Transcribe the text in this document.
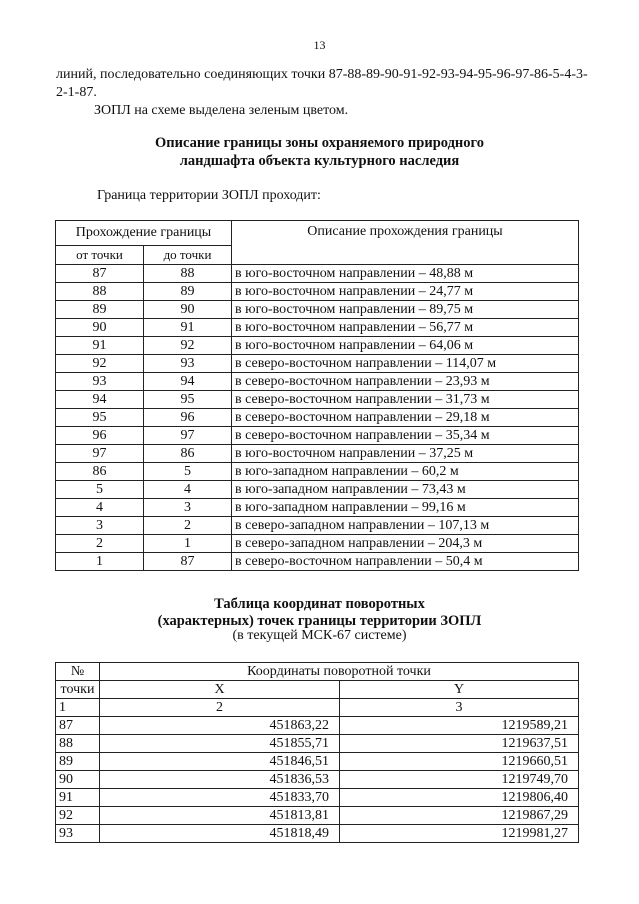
13
линий, последовательно соединяющих точки 87-88-89-90-91-92-93-94-95-96-97-86-5-4-3-2-1-87.
ЗОПЛ на схеме выделена зеленым цветом.
Описание границы зоны охраняемого природного
ландшафта объекта культурного наследия
Граница территории ЗОПЛ проходит:
Прохождение границы		Описание прохождения границы
от точки	до точки	
87	88	в юго-восточном направлении – 48,88 м
88	89	в юго-восточном направлении – 24,77 м
89	90	в юго-восточном направлении – 89,75 м
90	91	в юго-восточном направлении – 56,77 м
91	92	в юго-восточном направлении – 64,06 м
92	93	в северо-восточном направлении – 114,07 м
93	94	в северо-восточном направлении – 23,93 м
94	95	в северо-восточном направлении – 31,73 м
95	96	в северо-восточном направлении – 29,18 м
96	97	в северо-восточном направлении – 35,34 м
97	86	в юго-восточном направлении – 37,25 м
86	5	в юго-западном направлении – 60,2 м
5	4	в юго-западном направлении – 73,43 м
4	3	в юго-западном направлении – 99,16 м
3	2	в северо-западном направлении – 107,13 м
2	1	в северо-западном направлении – 204,3 м
1	87	в северо-восточном направлении – 50,4 м
Таблица координат поворотных
(характерных) точек границы территории ЗОПЛ
(в текущей МСК-67 системе)
№	Координаты поворотной точки	
точки	X	Y
1	2	3
87	451863,22	1219589,21
88	451855,71	1219637,51
89	451846,51	1219660,51
90	451836,53	1219749,70
91	451833,70	1219806,40
92	451813,81	1219867,29
93	451818,49	1219981,27
